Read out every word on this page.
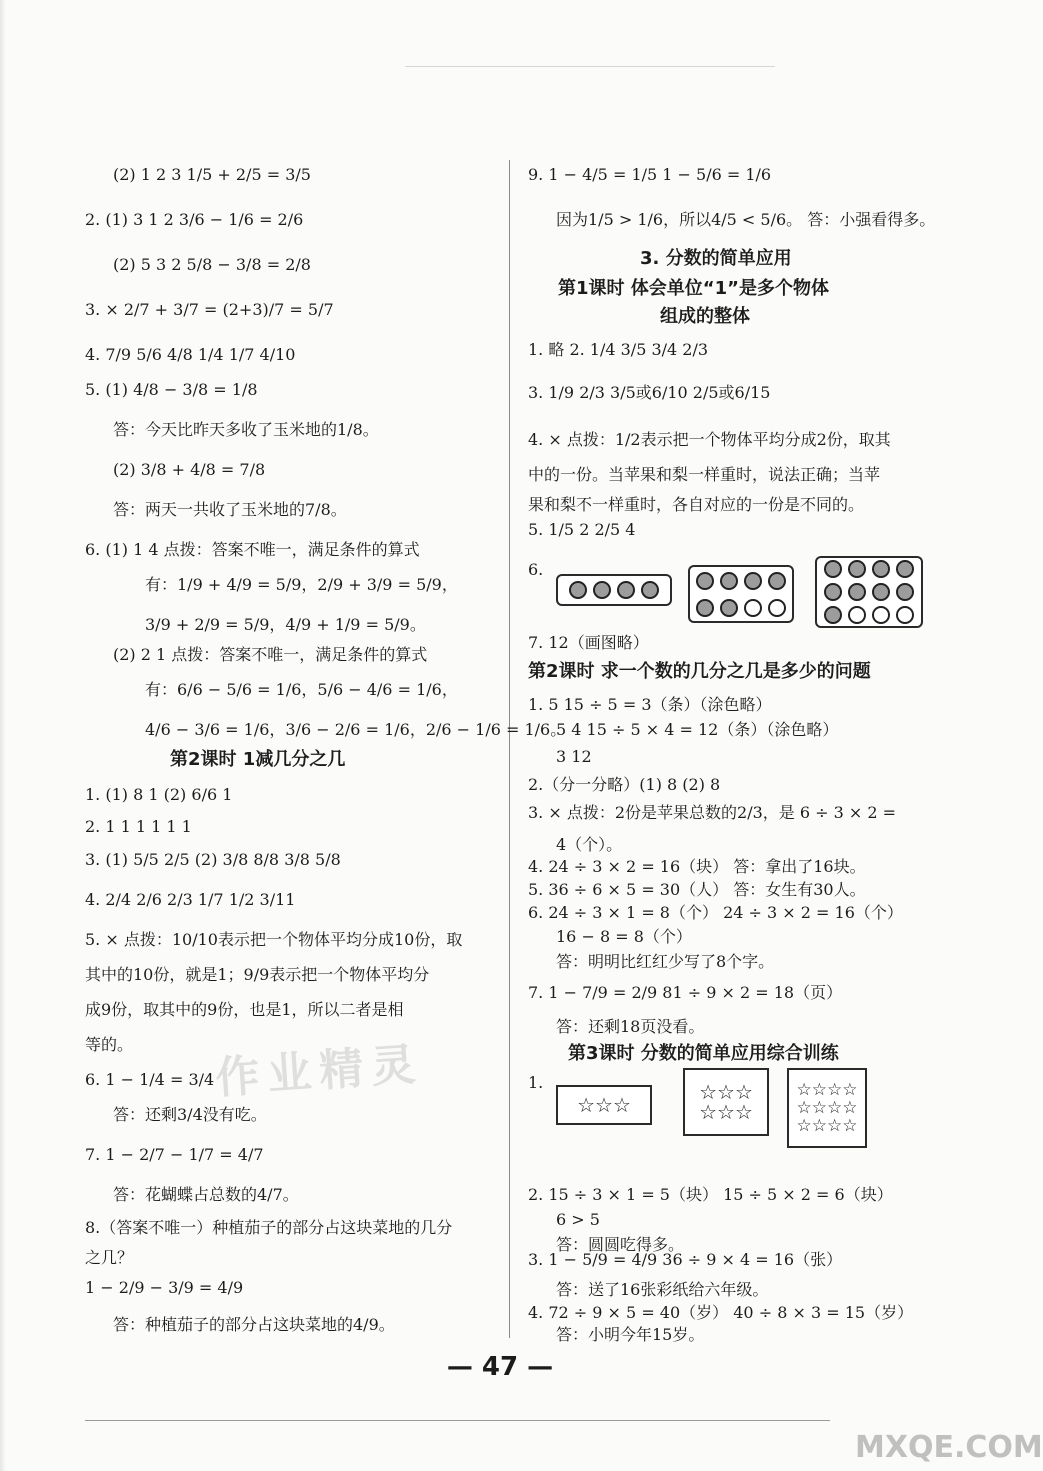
(2) 1 2 3 1/5 + 2/5 = 3/5
2. (1) 3 1 2 3/6 − 1/6 = 2/6
(2) 5 3 2 5/8 − 3/8 = 2/8
3. × 2/7 + 3/7 = (2+3)/7 = 5/7
4. 7/9 5/6 4/8 1/4 1/7 4/10
5. (1) 4/8 − 3/8 = 1/8
答：今天比昨天多收了玉米地的1/8。
(2) 3/8 + 4/8 = 7/8
答：两天一共收了玉米地的7/8。
6. (1) 1 4 点拨：答案不唯一，满足条件的算式
有：1/9 + 4/9 = 5/9，2/9 + 3/9 = 5/9，
3/9 + 2/9 = 5/9，4/9 + 1/9 = 5/9。
(2) 2 1 点拨：答案不唯一，满足条件的算式
有：6/6 − 5/6 = 1/6，5/6 − 4/6 = 1/6，
4/6 − 3/6 = 1/6，3/6 − 2/6 = 1/6，2/6 − 1/6 = 1/6。
第2课时 1减几分之几
1. (1) 8 1 (2) 6/6 1
2. 1 1 1 1 1 1
3. (1) 5/5 2/5 (2) 3/8 8/8 3/8 5/8
4. 2/4 2/6 2/3 1/7 1/2 3/11
5. × 点拨：10/10表示把一个物体平均分成10份，取
其中的10份，就是1；9/9表示把一个物体平均分
成9份，取其中的9份，也是1，所以二者是相
等的。
6. 1 − 1/4 = 3/4
答：还剩3/4没有吃。
7. 1 − 2/7 − 1/7 = 4/7
答：花蝴蝶占总数的4/7。
8.（答案不唯一）种植茄子的部分占这块菜地的几分
之几？
1 − 2/9 − 3/9 = 4/9
答：种植茄子的部分占这块菜地的4/9。
9. 1 − 4/5 = 1/5 1 − 5/6 = 1/6
因为1/5 > 1/6，所以4/5 < 5/6。 答：小强看得多。
3. 分数的简单应用
第1课时 体会单位“1”是多个物体
组成的整体
1. 略 2. 1/4 3/5 3/4 2/3
3. 1/9 2/3 3/5或6/10 2/5或6/15
4. × 点拨：1/2表示把一个物体平均分成2份，取其
中的一份。当苹果和梨一样重时，说法正确；当苹
果和梨不一样重时，各自对应的一份是不同的。
5. 1/5 2 2/5 4
6.
7. 12（画图略）
第2课时 求一个数的几分之几是多少的问题
1. 5 15 ÷ 5 = 3（条）（涂色略）
5 4 15 ÷ 5 × 4 = 12（条）（涂色略）
3 12
2.（分一分略）(1) 8 (2) 8
3. × 点拨：2份是苹果总数的2/3，是 6 ÷ 3 × 2 =
4（个）。
4. 24 ÷ 3 × 2 = 16（块） 答：拿出了16块。
5. 36 ÷ 6 × 5 = 30（人） 答：女生有30人。
6. 24 ÷ 3 × 1 = 8（个） 24 ÷ 3 × 2 = 16（个）
16 − 8 = 8（个）
答：明明比红红少写了8个字。
7. 1 − 7/9 = 2/9 81 ÷ 9 × 2 = 18（页）
答：还剩18页没看。
第3课时 分数的简单应用综合训练
1.
2. 15 ÷ 3 × 1 = 5（块） 15 ÷ 5 × 2 = 6（块）
6 > 5
答：圆圆吃得多。
3. 1 − 5/9 = 4/9 36 ÷ 9 × 4 = 16（张）
答：送了16张彩纸给六年级。
4. 72 ÷ 9 × 5 = 40（岁） 40 ÷ 8 × 3 = 15（岁）
答：小明今年15岁。
☆☆☆
☆☆☆☆☆☆
☆☆☆☆☆☆☆☆☆☆☆☆
作业精灵
— 47 —
MXQE.COM
